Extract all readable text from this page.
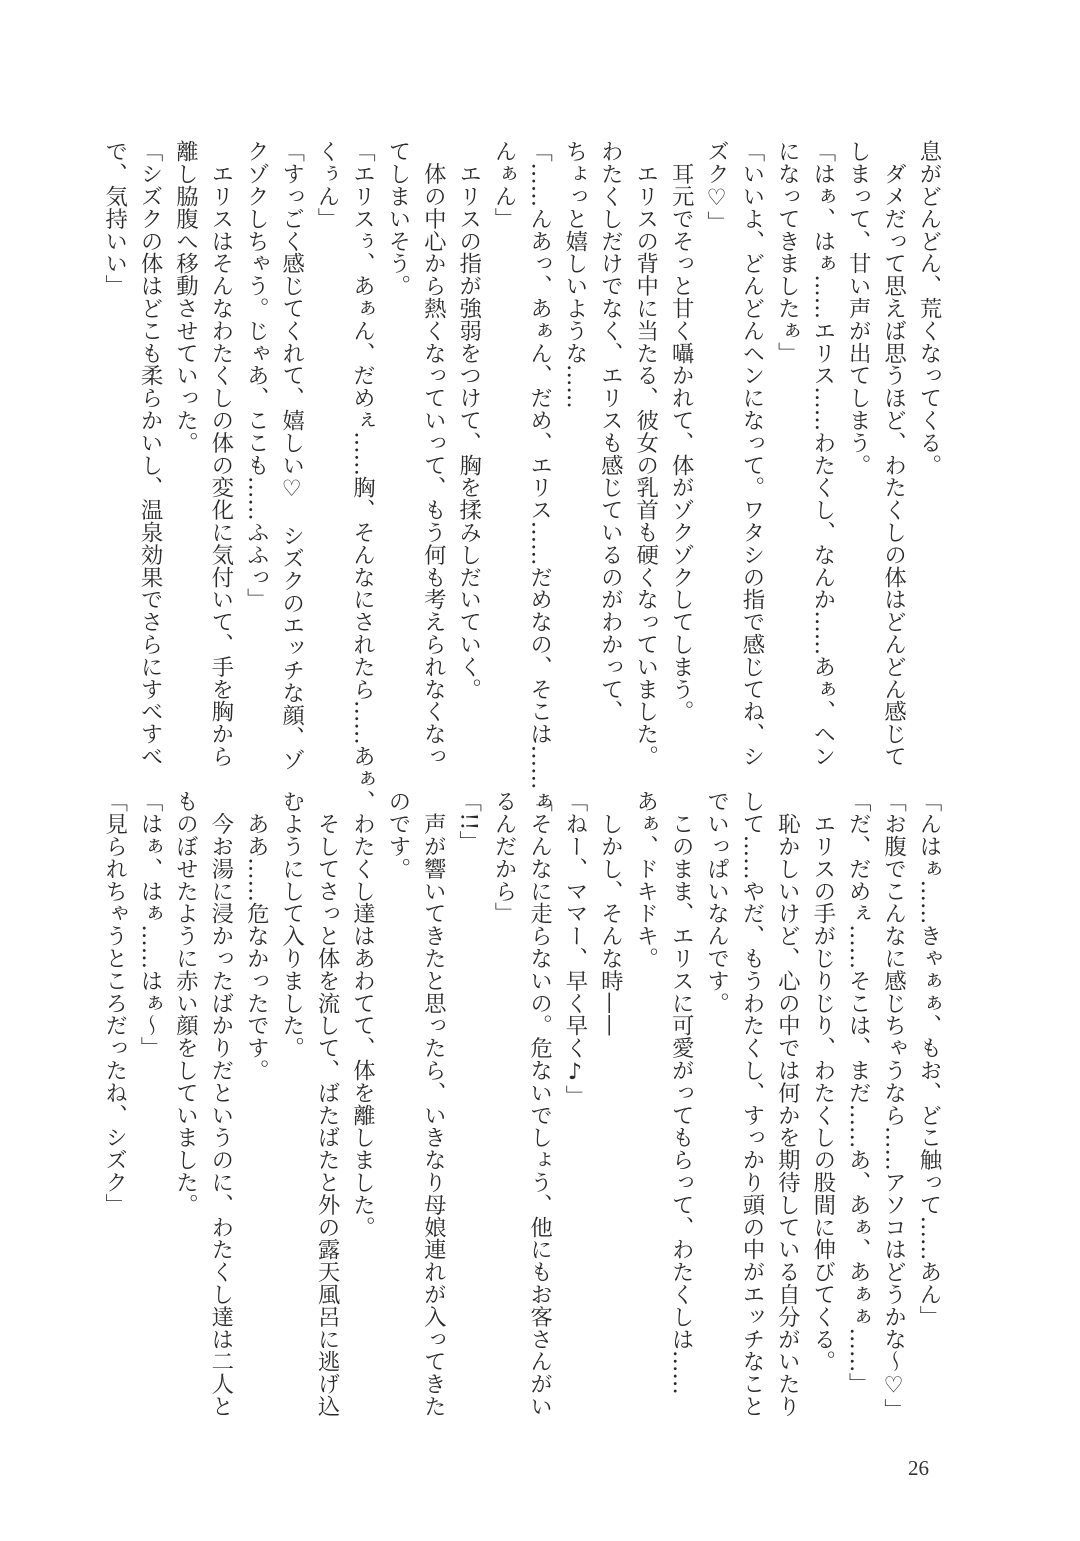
息がどんどん、荒くなってくる。
　ダメだって思えば思うほど、わたくしの体はどんどん感じて
しまって、甘い声が出てしまう。
「はぁ、はぁ……エリス……わたくし、なんか……あぁ、ヘン
になってきましたぁ」
「いいよ、どんどんヘンになって。ワタシの指で感じてね、シ
ズク♡」
　耳元でそっと甘く囁かれて、体がゾクゾクしてしまう。
　エリスの背中に当たる、彼女の乳首も硬くなっていました。
わたくしだけでなく、エリスも感じているのがわかって、
ちょっと嬉しいような……
「……んあっ、あぁん、だめ、エリス……だめなの、そこは……ぁ
んぁん」
　エリスの指が強弱をつけて、胸を揉みしだいていく。
　体の中心から熱くなっていって、もう何も考えられなくなっ
てしまいそう。
「エリスぅ、あぁん、だめぇ……胸、そんなにされたら……あぁ、
くぅん」
「すっごく感じてくれて、嬉しい♡　シズクのエッチな顔、ゾ
クゾクしちゃう。じゃあ、ここも……ふふっ」
　エリスはそんなわたくしの体の変化に気付いて、手を胸から
離し脇腹へ移動させていった。
「シズクの体はどこも柔らかいし、温泉効果でさらにすべすべ
で、気持いい」
「んはぁ……きゃぁぁ、もお、どこ触って……あん」
「お腹でこんなに感じちゃうなら……アソコはどうかな～♡」
「だ、だめぇ……そこは、まだ……あ、あぁ、あぁぁ……」
　エリスの手がじりじり、わたくしの股間に伸びてくる。
　恥かしいけど、心の中では何かを期待している自分がいたり
して……やだ、もうわたくし、すっかり頭の中がエッチなこと
でいっぱいなんです。
　このまま、エリスに可愛がってもらって、わたくしは……
あぁ、ドキドキ。
　しかし、そんな時——
「ねー、ママー、早く早く♪」
「そんなに走らないの。危ないでしょう、他にもお客さんがい
るんだから」
「!!」
　声が響いてきたと思ったら、いきなり母娘連れが入ってきた
のです。
　わたくし達はあわてて、体を離しました。
　そしてさっと体を流して、ばたばたと外の露天風呂に逃げ込
むようにして入りました。
　ああ……危なかったです。
　今お湯に浸かったばかりだというのに、わたくし達は二人と
ものぼせたように赤い顔をしていました。
「はぁ、はぁ……はぁ～」
「見られちゃうところだったね、シズク」
26
